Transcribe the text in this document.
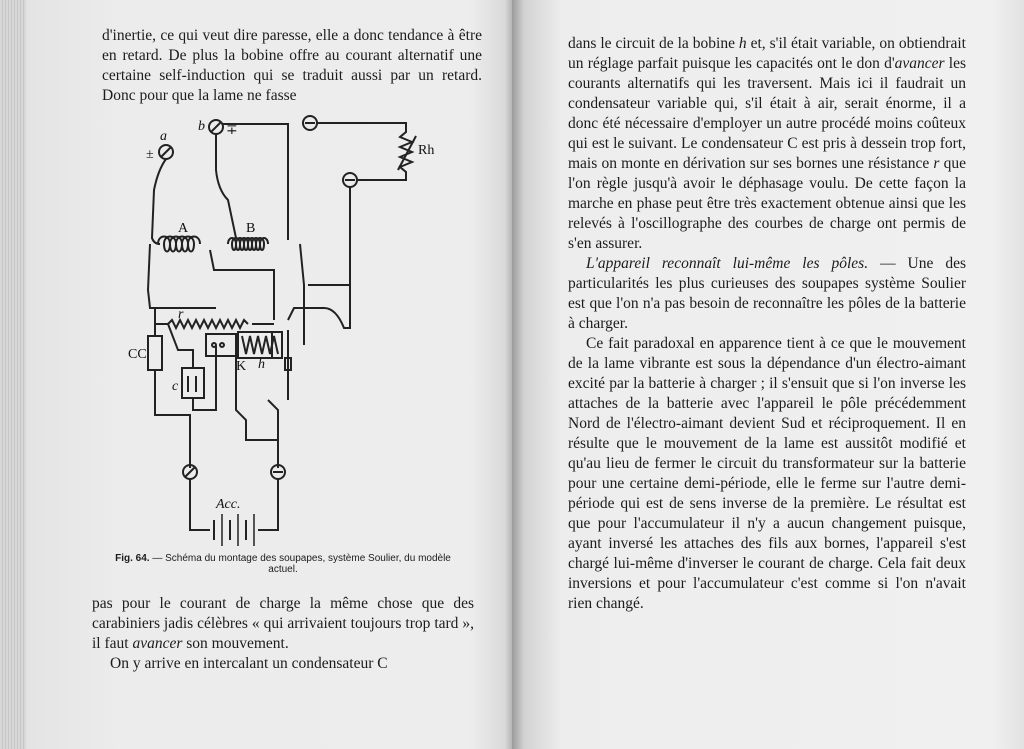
d'inertie, ce qui veut dire paresse, elle a donc tendance à être en retard. De plus la bobine offre au courant alternatif une certaine self-induction qui se traduit aussi par un retard. Donc pour que la lame ne fasse

a
±
b ∓
Rh
A	B
r
CC
c
K h
Acc.
Fig. 64. — Schéma du montage des soupapes, système Soulier, du modèle actuel.

pas pour le courant de charge la même chose que des carabiniers jadis célèbres « qui arrivaient toujours trop tard », il faut avancer son mouvement.

On y arrive en intercalant un condensateur C

dans le circuit de la bobine h et, s'il était variable, on obtiendrait un réglage parfait puisque les capacités ont le don d'avancer les courants alternatifs qui les traversent. Mais ici il faudrait un condensateur variable qui, s'il était à air, serait énorme, il a donc été nécessaire d'employer un autre procédé moins coûteux qui est le suivant. Le condensateur C est pris à dessein trop fort, mais on monte en dérivation sur ses bornes une résistance r que l'on règle jusqu'à avoir le déphasage voulu. De cette façon la marche en phase peut être très exactement obtenue ainsi que les relevés à l'oscillographe des courbes de charge ont permis de s'en assurer.

L'appareil reconnaît lui-même les pôles. — Une des particularités les plus curieuses des soupapes système Soulier est que l'on n'a pas besoin de reconnaître les pôles de la batterie à charger.

Ce fait paradoxal en apparence tient à ce que le mouvement de la lame vibrante est sous la dépendance d'un électro-aimant excité par la batterie à charger ; il s'ensuit que si l'on inverse les attaches de la batterie avec l'appareil le pôle précédemment Nord de l'électro-aimant devient Sud et réciproquement. Il en résulte que le mouvement de la lame est aussitôt modifié et qu'au lieu de fermer le circuit du transformateur sur la batterie pour une certaine demi-période, elle le ferme sur l'autre demi-période qui est de sens inverse de la première. Le résultat est que pour l'accumulateur il n'y a aucun changement puisque, ayant inversé les attaches des fils aux bornes, l'appareil s'est chargé lui-même d'inverser le courant de charge. Cela fait deux inversions et pour l'accumulateur c'est comme si l'on n'avait rien changé.
